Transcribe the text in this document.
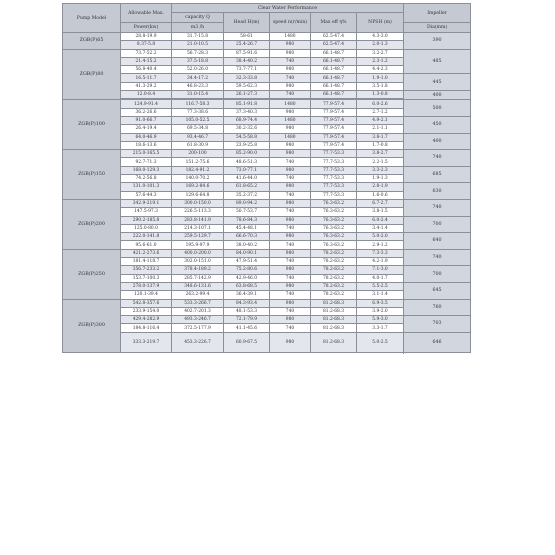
Pump Model	Allowable Max.	Clear Water Performance					Impeller
		capacity Q	Head H(m)	speed n(r/min)	Max eff η%	NPSH (m)	
	Power(kw)	m3 /h					Dia(mm)
ZGB(P)65	28.8-19.9	31.7-15.8	58-61	1480	62.5-47.4	4.3-3.0	390
	8.37-5.8	21.0-10.5	25.4-26.7	980	62.5-47.4	2.0-1.3	
ZGB(P)80	73.7-52.2	56.7-28.3	87.5-91.6	980	66.1-48.7	3.2-2.7	485
	21.4-15.2	37.5-18.8	38.4-40.2	740	66.1-48.7	2.3-1.2	
	56.8-40.4	52.0-26.0	73.7-77.1	980	66.1-48.7	4.4-2.3	
	16.5-11.7	34.4-17.2	32.3-33.8	740	66.1-48.7	1.9-1.0	445
	41.3-29.2	46.8-23.3	59.5-62.3	980	66.1-48.7	3.5-1.8	
	12.0-8.4	31.0-15.4	26.1-27.3	740	66.1-48.7	1.3-0.8	400

ZGB(P)100	124.9-91.4	116.7-58.3	85.1-91.8	1480	77.9-57.4	6.0-2.6	500
	36.2-26.6	77.3-38.6	37.3-40.3	980	77.9-57.4	2.7-1.2	
	91.0-66.7	105.0-52.5	68.9-74.4	1480	77.9-57.4	4.9-2.1	450
	26.4-19.4	69.5-34.8	30.2-32.6	980	77.9-57.4	2.1-1.1	
	64.0-46.9	93.4-46.7	54.5-58.8	1480	77.9-57.4	3.8-1.7	400
	18.6-13.6	61.8-30.9	23.9-25.8	980	77.9-57.4	1.7-0.8	
ZGB(P)150	215.0-165.5	200-100	85.2-90.0	980	77.7-53.3	3.8-2.7	740
	92.7-71.3	151.2-75.6	48.6-51.3	740	77.7-53.3	2.2-1.5	
	168.0-129.3	182.4-91.2	73.0-77.1	980	77.7-53.3	3.3-2.3	685
	74.2-56.8	140.0-70.2	41.6-44.0	740	77.7-53.3	1.9-1.3	
	131.0-101.3	169.2-84.6	61.8-65.2	980	77.7-53.3	2.8-1.9	630
	57.6-44.3	129.6-64.8	35.2-37.2	740	77.7-53.3	1.6-0.6	
ZGB(P)200	342.9-219.1	300.0-150.0	89.0-94.2	980	76.3-63.2	6.7-2.7	740
	147.5-97.3	226.5-113.3	50.7-53.7	740	76.3-63.2	3.8-1.5	
	290.2-185.8	283.8-141.9	78.6-84.3	980	76.3-63.2	6.0-2.4	700
	125.0-80.0	214.3-107.1	45.4-48.1	740	76.3-63.2	3.4-1.4	
	222.0-141.8	259.5-129.7	66.6-70.3	980	76.3-63.2	5.0-2.0	640
	95.6-61.0	195.9-97.9	38.0-40.2	740	76.3-63.2	2.9-1.2	
ZGB(P)250	421.2-273.6	400.0-200.0	84.0-90.1	980	78.2-63.2	7.3-3.3	740
	181.4-118.7	302.0-151.0	47.9-51.4	740	78.2-63.2	4.2-1.9	
	356.7-233.2	378.4-189.2	75.2-80.6	980	78.2-63.2	7.1-3.0	700
	153.7-100.3	285.7-142.9	42.9-46.0	740	78.2-63.2	4.0-1.7	
	278.0-137.9	348.6-131.6	63.8-68.5	980	78.2-63.2	5.5-2.5	645
	120.1-39.4	263.2-99.4	36.4-39.1	740	78.2-63.2	3.1-1.4	
ZGB(P)300	542.8-357.6	533.3-266.7	84.3-93.4	980	81.2-68.3	6.9-3.5	760
	233.9-154.0	402.7-201.3	48.1-53.3	740	81.2-68.3	3.9-2.0	
	429.4-282.9	493.3-246.7	72.1-79.9	980	81.2-68.3	5.9-3.0	703
	184.8-116.4	372.5-177.9	41.1-45.6	740	81.2-68.3	3.3-1.7	
	333.3-219.7	453.3-226.7	60.9-67.5	980	81.2-68.3	5.0-2.5	646
